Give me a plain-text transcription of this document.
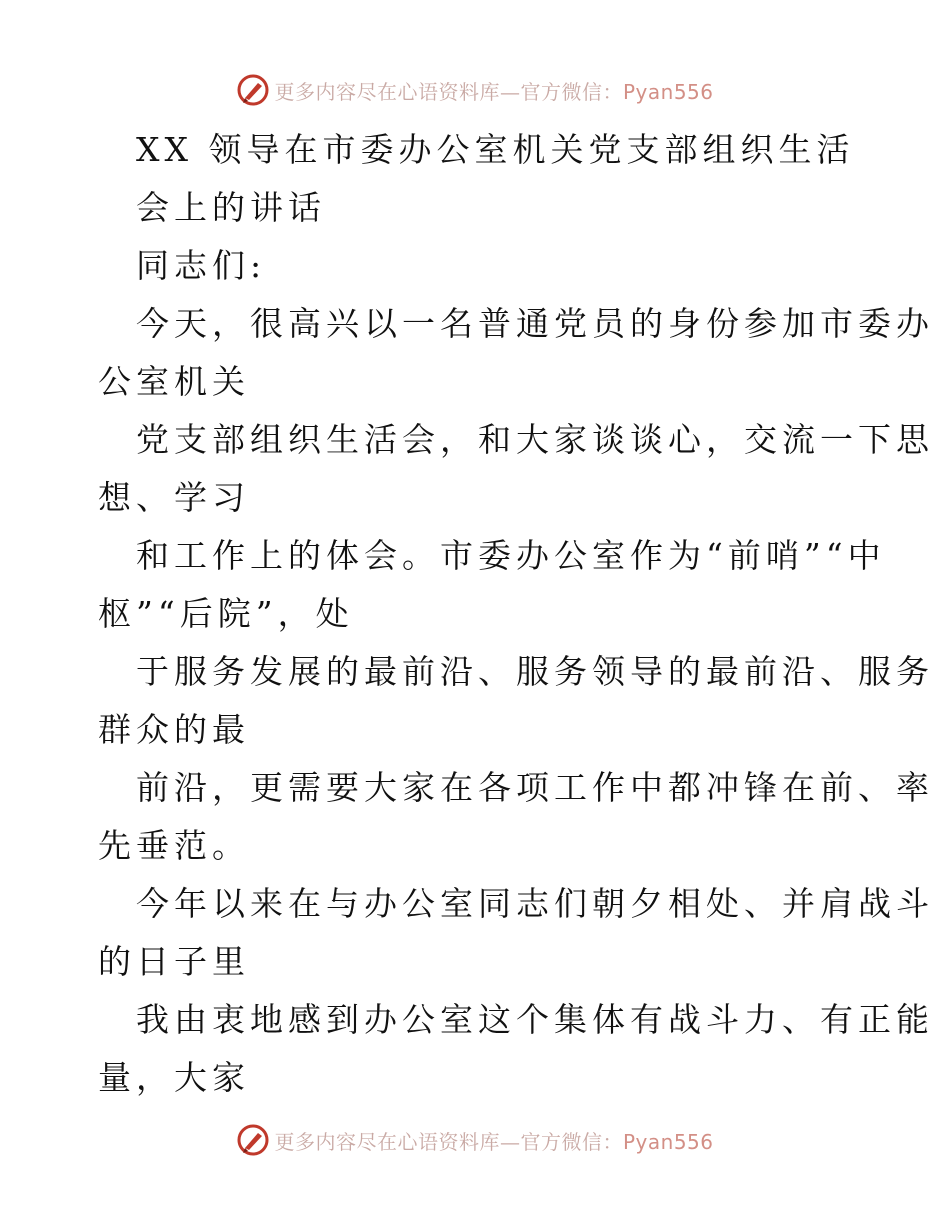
更多内容尽在心语资料库—官方微信：Pyan556
XX 领导在市委办公室机关党支部组织生活
会上的讲话
同志们:
今天，很高兴以一名普通党员的身份参加市委办
公室机关
党支部组织生活会，和大家谈谈心，交流一下思
想、学习
和工作上的体会。市委办公室作为“前哨”“中
枢”“后院”，处
于服务发展的最前沿、服务领导的最前沿、服务
群众的最
前沿，更需要大家在各项工作中都冲锋在前、率
先垂范。
今年以来在与办公室同志们朝夕相处、并肩战斗
的日子里
我由衷地感到办公室这个集体有战斗力、有正能
量，大家
更多内容尽在心语资料库—官方微信：Pyan556
